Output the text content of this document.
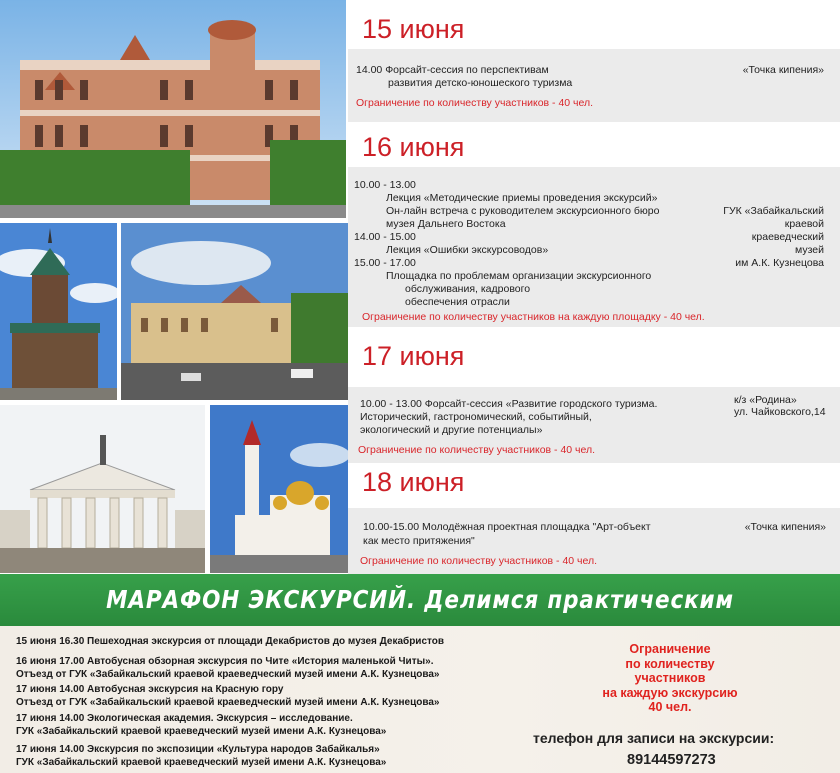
15 июня
14.00 Форсайт-сессия по перспективам
развития детско-юношеского туризма
«Точка кипения»
Ограничение по количеству участников - 40 чел.
16 июня
10.00 - 13.00
Лекция «Методические приемы проведения экскурсий»
Он-лайн встреча с руководителем экскурсионного бюро
музея Дальнего Востока
14.00 - 15.00
Лекция «Ошибки экскурсоводов»
15.00 - 17.00
Площадка по проблемам организации экскурсионного
обслуживания, кадрового
обеспечения отрасли
ГУК «Забайкальский
краевой
краеведческий
музей
им А.К. Кузнецова
Ограничение по количеству участников на каждую площадку - 40 чел.
17 июня
10.00 - 13.00 Форсайт-сессия «Развитие городского туризма.
Исторический, гастрономический, событийный,
экологический и другие потенциалы»
к/з «Родина»
ул. Чайковского,14
Ограничение по количеству участников - 40 чел.
18 июня
10.00-15.00 Молодёжная проектная площадка "Арт-объект
как место притяжения"
«Точка кипения»
Ограничение по количеству участников - 40 чел.
МАРАФОН ЭКСКУРСИЙ. Делимся практическим
15 июня 16.30 Пешеходная экскурсия от площади Декабристов до музея Декабристов
16 июня 17.00 Автобусная обзорная экскурсия по Чите «История маленькой Читы».
Отъезд от ГУК «Забайкальский краевой краеведческий музей имени А.К. Кузнецова»
17 июня 14.00 Автобусная экскурсия на Красную гору
Отъезд от ГУК «Забайкальский краевой краеведческий музей имени А.К. Кузнецова»
17 июня 14.00 Экологическая академия. Экскурсия – исследование.
ГУК «Забайкальский краевой краеведческий музей имени А.К. Кузнецова»
17 июня 14.00 Экскурсия по экспозиции «Культура народов Забайкалья»
ГУК «Забайкальский краевой краеведческий музей имени А.К. Кузнецова»
Ограничение
по количеству
участников
на каждую экскурсию
40 чел.
телефон для записи на экскурсии:
89144597273
